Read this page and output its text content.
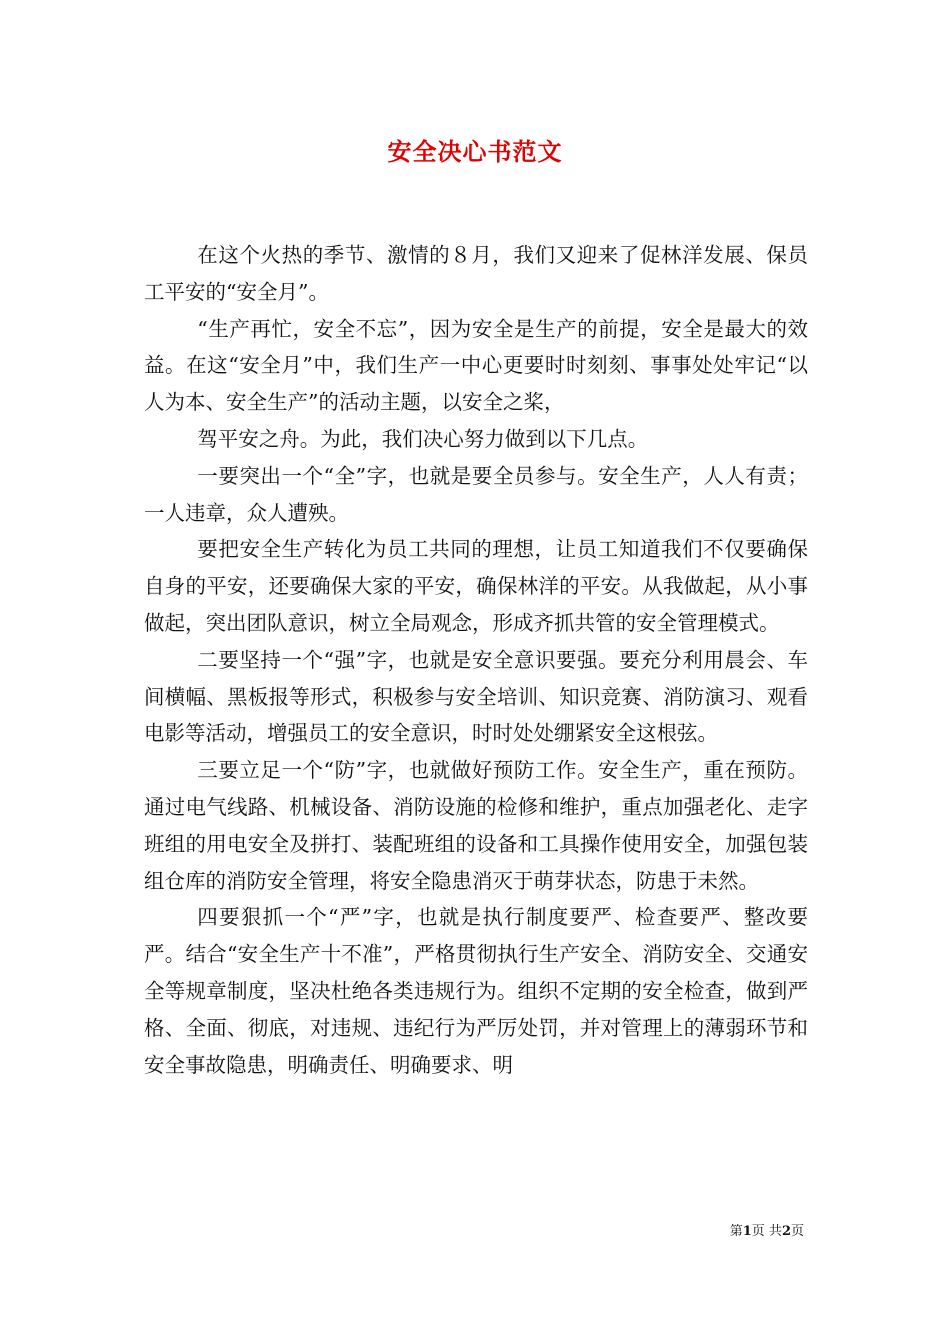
安全决心书范文

在这个火热的季节、激情的８月，我们又迎来了促林洋发展、保员工平安的“安全月”。

“生产再忙，安全不忘”，因为安全是生产的前提，安全是最大的效益。在这“安全月”中，我们生产一中心更要时时刻刻、事事处处牢记“以人为本、安全生产”的活动主题，以安全之桨，

驾平安之舟。为此，我们决心努力做到以下几点。

一要突出一个“全”字，也就是要全员参与。安全生产，人人有责；一人违章，众人遭殃。

要把安全生产转化为员工共同的理想，让员工知道我们不仅要确保自身的平安，还要确保大家的平安，确保林洋的平安。从我做起，从小事做起，突出团队意识，树立全局观念，形成齐抓共管的安全管理模式。

二要坚持一个“强”字，也就是安全意识要强。要充分利用晨会、车间横幅、黑板报等形式，积极参与安全培训、知识竞赛、消防演习、观看电影等活动，增强员工的安全意识，时时处处绷紧安全这根弦。

三要立足一个“防”字，也就做好预防工作。安全生产，重在预防。通过电气线路、机械设备、消防设施的检修和维护，重点加强老化、走字班组的用电安全及拼打、装配班组的设备和工具操作使用安全，加强包装组仓库的消防安全管理，将安全隐患消灭于萌芽状态，防患于未然。

四要狠抓一个“严”字，也就是执行制度要严、检查要严、整改要严。结合“安全生产十不准”，严格贯彻执行生产安全、消防安全、交通安全等规章制度，坚决杜绝各类违规行为。组织不定期的安全检查，做到严格、全面、彻底，对违规、违纪行为严厉处罚，并对管理上的薄弱环节和安全事故隐患，明确责任、明确要求、明

第1页 共2页
